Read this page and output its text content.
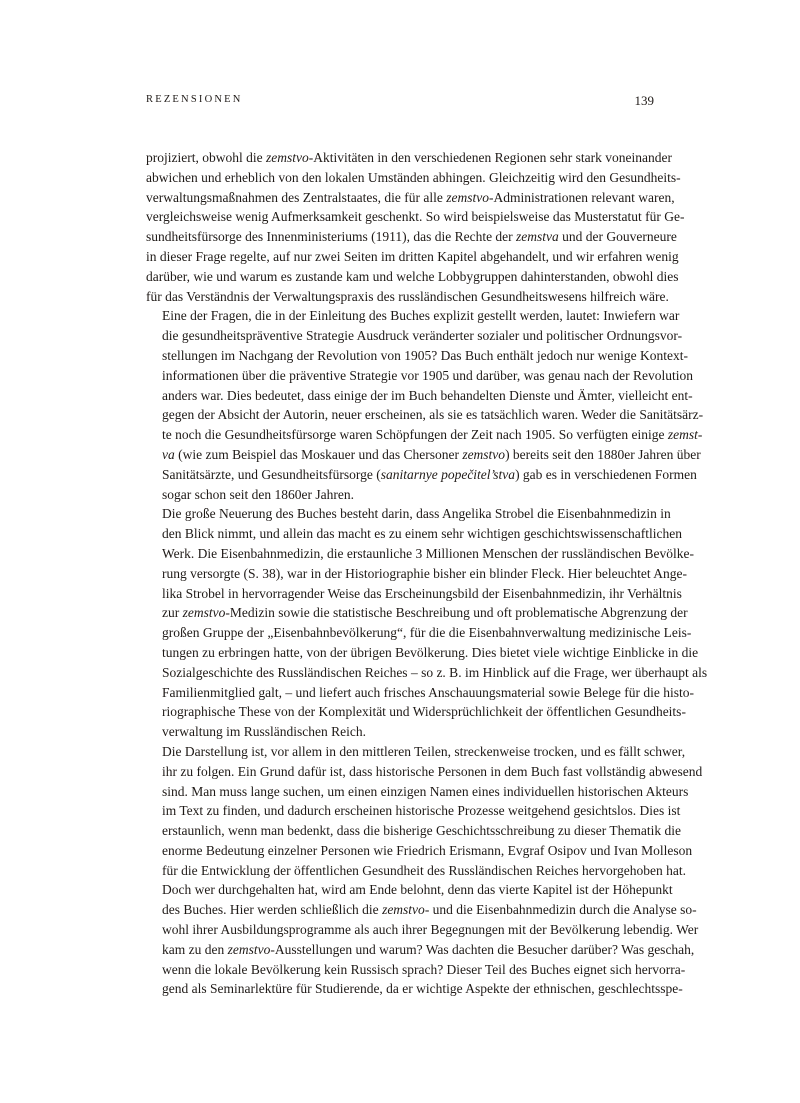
REZENSIONEN	139

projiziert, obwohl die zemstvo-Aktivitäten in den verschiedenen Regionen sehr stark voneinander
abwichen und erheblich von den lokalen Umständen abhingen. Gleichzeitig wird den Gesundheits-
verwaltungsmaßnahmen des Zentralstaates, die für alle zemstvo-Administrationen relevant waren,
vergleichsweise wenig Aufmerksamkeit geschenkt. So wird beispielsweise das Musterstatut für Ge-
sundheitsfürsorge des Innenministeriums (1911), das die Rechte der zemstva und der Gouverneure
in dieser Frage regelte, auf nur zwei Seiten im dritten Kapitel abgehandelt, und wir erfahren wenig
darüber, wie und warum es zustande kam und welche Lobbygruppen dahinterstanden, obwohl dies
für das Verständnis der Verwaltungspraxis des russländischen Gesundheitswesens hilfreich wäre.

Eine der Fragen, die in der Einleitung des Buches explizit gestellt werden, lautet: Inwiefern war
die gesundheitspräventive Strategie Ausdruck veränderter sozialer und politischer Ordnungsvor-
stellungen im Nachgang der Revolution von 1905? Das Buch enthält jedoch nur wenige Kontext-
informationen über die präventive Strategie vor 1905 und darüber, was genau nach der Revolution
anders war. Dies bedeutet, dass einige der im Buch behandelten Dienste und Ämter, vielleicht ent-
gegen der Absicht der Autorin, neuer erscheinen, als sie es tatsächlich waren. Weder die Sanitätsärz-
te noch die Gesundheitsfürsorge waren Schöpfungen der Zeit nach 1905. So verfügten einige zemst-
va (wie zum Beispiel das Moskauer und das Chersoner zemstvo) bereits seit den 1880er Jahren über
Sanitätsärzte, und Gesundheitsfürsorge (sanitarnye popečitel’stva) gab es in verschiedenen Formen
sogar schon seit den 1860er Jahren.

Die große Neuerung des Buches besteht darin, dass Angelika Strobel die Eisenbahnmedizin in
den Blick nimmt, und allein das macht es zu einem sehr wichtigen geschichtswissenschaftlichen
Werk. Die Eisenbahnmedizin, die erstaunliche 3 Millionen Menschen der russländischen Bevölke-
rung versorgte (S. 38), war in der Historiographie bisher ein blinder Fleck. Hier beleuchtet Ange-
lika Strobel in hervorragender Weise das Erscheinungsbild der Eisenbahnmedizin, ihr Verhältnis
zur zemstvo-Medizin sowie die statistische Beschreibung und oft problematische Abgrenzung der
großen Gruppe der „Eisenbahnbevölkerung“, für die die Eisenbahnverwaltung medizinische Leis-
tungen zu erbringen hatte, von der übrigen Bevölkerung. Dies bietet viele wichtige Einblicke in die
Sozialgeschichte des Russländischen Reiches – so z. B. im Hinblick auf die Frage, wer überhaupt als
Familienmitglied galt, – und liefert auch frisches Anschauungsmaterial sowie Belege für die histo-
riographische These von der Komplexität und Widersprüchlichkeit der öffentlichen Gesundheits-
verwaltung im Russländischen Reich.

Die Darstellung ist, vor allem in den mittleren Teilen, streckenweise trocken, und es fällt schwer,
ihr zu folgen. Ein Grund dafür ist, dass historische Personen in dem Buch fast vollständig abwesend
sind. Man muss lange suchen, um einen einzigen Namen eines individuellen historischen Akteurs
im Text zu finden, und dadurch erscheinen historische Prozesse weitgehend gesichtslos. Dies ist
erstaunlich, wenn man bedenkt, dass die bisherige Geschichtsschreibung zu dieser Thematik die
enorme Bedeutung einzelner Personen wie Friedrich Erismann, Evgraf Osipov und Ivan Molleson
für die Entwicklung der öffentlichen Gesundheit des Russländischen Reiches hervorgehoben hat.

Doch wer durchgehalten hat, wird am Ende belohnt, denn das vierte Kapitel ist der Höhepunkt
des Buches. Hier werden schließlich die zemstvo- und die Eisenbahnmedizin durch die Analyse so-
wohl ihrer Ausbildungsprogramme als auch ihrer Begegnungen mit der Bevölkerung lebendig. Wer
kam zu den zemstvo-Ausstellungen und warum? Was dachten die Besucher darüber? Was geschah,
wenn die lokale Bevölkerung kein Russisch sprach? Dieser Teil des Buches eignet sich hervorra-
gend als Seminarlektüre für Studierende, da er wichtige Aspekte der ethnischen, geschlechtsspe-
